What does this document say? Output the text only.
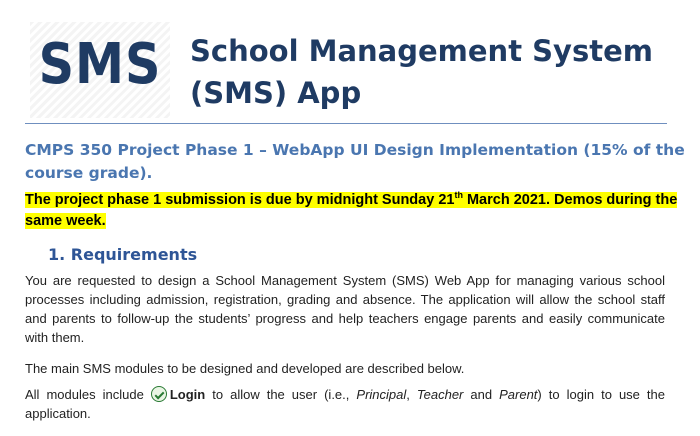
SMS School Management System (SMS) App
CMPS 350 Project Phase 1 – WebApp UI Design Implementation (15% of the course grade).
The project phase 1 submission is due by midnight Sunday 21th March 2021. Demos during the same week.
1. Requirements
You are requested to design a School Management System (SMS) Web App for managing various school processes including admission, registration, grading and absence. The application will allow the school staff and parents to follow-up the students’ progress and help teachers engage parents and easily communicate with them.
The main SMS modules to be designed and developed are described below.
All modules include Login to allow the user (i.e., Principal, Teacher and Parent) to login to use the application.
